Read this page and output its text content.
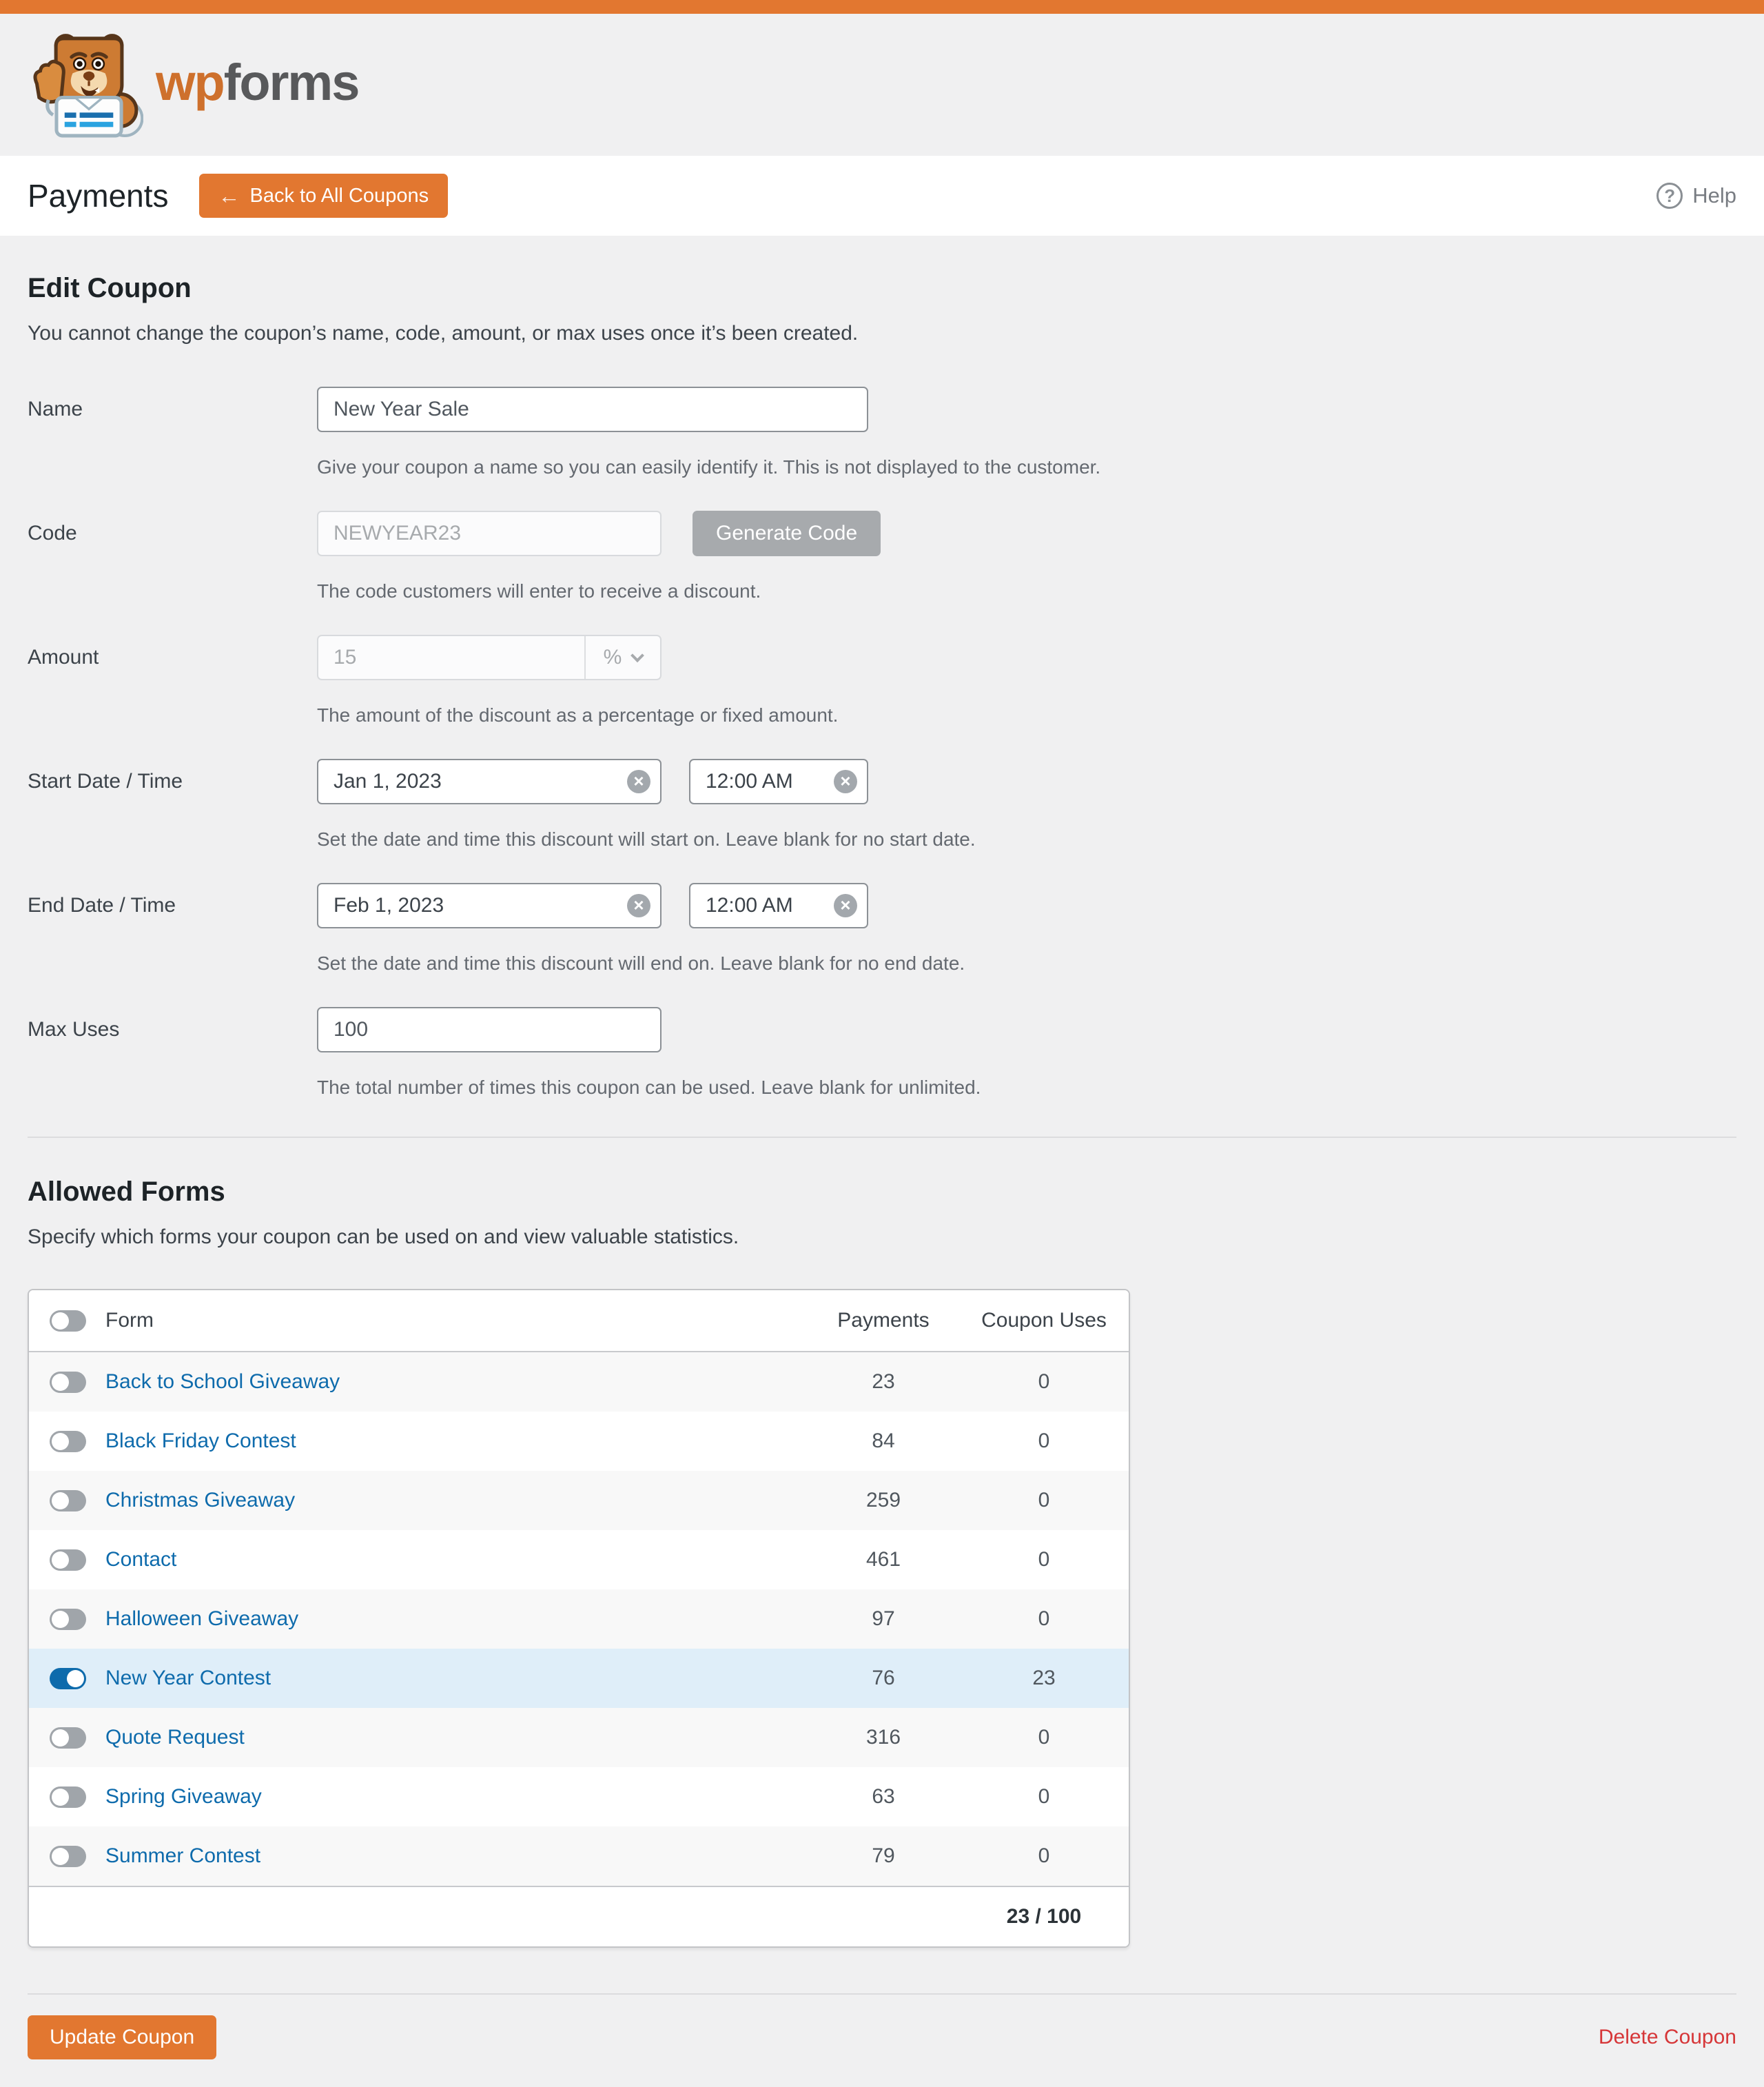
wpforms
Payments ← Back to All Coupons	? Help
Edit Coupon

You cannot change the coupon’s name, code, amount, or max uses once it’s been created.

Name
New Year Sale
Give your coupon a name so you can easily identify it. This is not displayed to the customer.
Code
NEWYEAR23	Generate Code
The code customers will enter to receive a discount.
Amount
15	%
The amount of the discount as a percentage or fixed amount.
Start Date / Time
Jan 1, 2023	×
12:00 AM	×
Set the date and time this discount will start on. Leave blank for no start date.
End Date / Time
Feb 1, 2023	×
12:00 AM	×
Set the date and time this discount will end on. Leave blank for no end date.
Max Uses
100
The total number of times this coupon can be used. Leave blank for unlimited.
Allowed Forms

Specify which forms your coupon can be used on and view valuable statistics.

Form	Payments	Coupon Uses
Back to School Giveaway	23	0
Black Friday Contest	84	0
Christmas Giveaway	259	0
Contact	461	0
Halloween Giveaway	97	0
New Year Contest	76	23
Quote Request	316	0
Spring Giveaway	63	0
Summer Contest	79	0
23 / 100
Update Coupon	Delete Coupon
